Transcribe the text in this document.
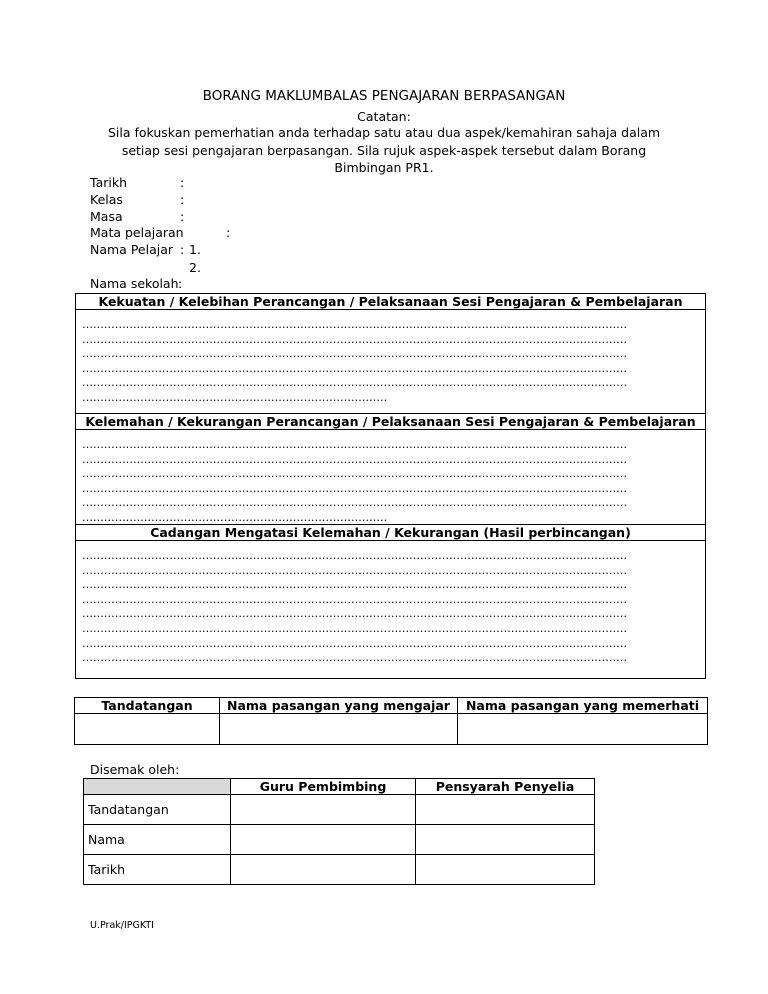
BORANG MAKLUMBALAS PENGAJARAN BERPASANGAN
Catatan:
Sila fokuskan pemerhatian anda terhadap satu atau dua aspek/kemahiran sahaja dalam
setiap sesi pengajaran berpasangan. Sila rujuk aspek-aspek tersebut dalam Borang
Bimbingan PR1.
Tarikh	:
Kelas	:
Masa	:
Mata pelajaran	:
Nama Pelajar : 1.
2.
Nama sekolah :
Kekuatan / Kelebihan Perancangan / Pelaksanaan Sesi Pengajaran & Pembelajaran
……………………………………………………………………………………………………………………………………
……………………………………………………………………………………………………………………………………
……………………………………………………………………………………………………………………………………
……………………………………………………………………………………………………………………………………
……………………………………………………………………………………………………………………………………
…………………………………………………………………………
Kelemahan / Kekurangan Perancangan / Pelaksanaan Sesi Pengajaran & Pembelajaran
……………………………………………………………………………………………………………………………………
……………………………………………………………………………………………………………………………………
……………………………………………………………………………………………………………………………………
……………………………………………………………………………………………………………………………………
……………………………………………………………………………………………………………………………………
…………………………………………………………………………
Cadangan Mengatasi Kelemahan / Kekurangan (Hasil perbincangan)
……………………………………………………………………………………………………………………………………
……………………………………………………………………………………………………………………………………
……………………………………………………………………………………………………………………………………
……………………………………………………………………………………………………………………………………
……………………………………………………………………………………………………………………………………
……………………………………………………………………………………………………………………………………
……………………………………………………………………………………………………………………………………
……………………………………………………………………………………………………………………………………
Tandatangan	Nama pasangan yang mengajar	Nama pasangan yang memerhati

Disemak oleh:
	Guru Pembimbing	Pensyarah Penyelia
Tandatangan		
Nama		
Tarikh		
U.Prak/IPGKTI
